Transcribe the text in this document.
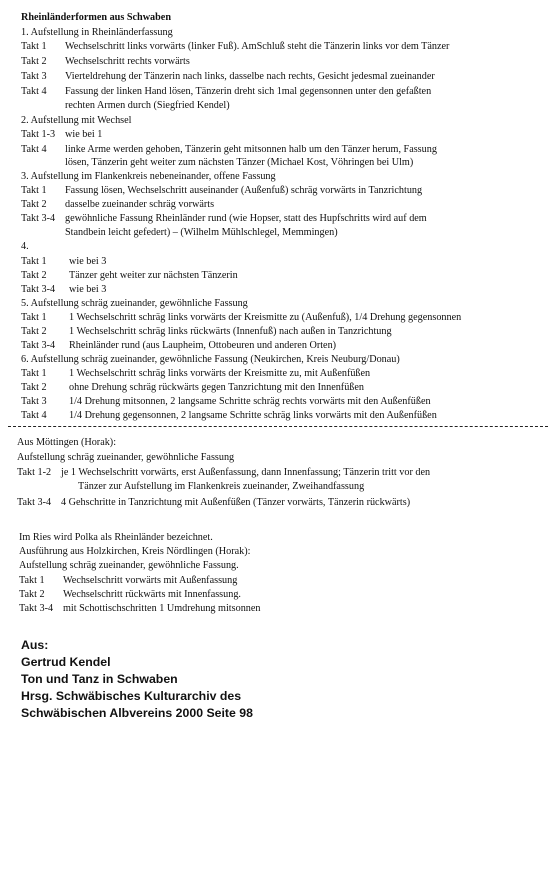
Rheinländerformen aus Schwaben
1. Aufstellung in Rheinländerfassung
Takt 1 Wechselschritt links vorwärts (linker Fuß). AmSchluß steht die Tänzerin links vor dem Tänzer
Takt 2 Wechselschritt rechts vorwärts
Takt 3 Vierteldrehung der Tänzerin nach links, dasselbe nach rechts, Gesicht jedesmal zueinander
Takt 4 Fassung der linken Hand lösen, Tänzerin dreht sich 1mal gegensonnen unter den gefaßten
rechten Armen durch (Siegfried Kendel)
2. Aufstellung mit Wechsel
Takt 1-3 wie bei 1
Takt 4 linke Arme werden gehoben, Tänzerin geht mitsonnen halb um den Tänzer herum, Fassung
lösen, Tänzerin geht weiter zum nächsten Tänzer (Michael Kost, Vöhringen bei Ulm)
3. Aufstellung im Flankenkreis nebeneinander, offene Fassung
Takt 1 Fassung lösen, Wechselschritt auseinander (Außenfuß) schräg vorwärts in Tanzrichtung
Takt 2 dasselbe zueinander schräg vorwärts
Takt 3-4 gewöhnliche Fassung Rheinländer rund (wie Hopser, statt des Hupfschritts wird auf dem
Standbein leicht gefedert) – (Wilhelm Mühlschlegel, Memmingen)
4.
Takt 1 wie bei 3
Takt 2 Tänzer geht weiter zur nächsten Tänzerin
Takt 3-4 wie bei 3
5. Aufstellung schräg zueinander, gewöhnliche Fassung
Takt 1 1 Wechselschritt schräg links vorwärts der Kreismitte zu (Außenfuß), 1/4 Drehung gegensonnen
Takt 2 1 Wechselschritt schräg links rückwärts (Innenfuß) nach außen in Tanzrichtung
Takt 3-4 Rheinländer rund (aus Laupheim, Ottobeuren und anderen Orten)
6. Aufstellung schräg zueinander, gewöhnliche Fassung (Neukirchen, Kreis Neuburg/Donau)
Takt 1 1 Wechselschritt schräg links vorwärts der Kreismitte zu, mit Außenfüßen
Takt 2 ohne Drehung schräg rückwärts gegen Tanzrichtung mit den Innenfüßen
Takt 3 1/4 Drehung mitsonnen, 2 langsame Schritte schräg rechts vorwärts mit den Außenfüßen
Takt 4 1/4 Drehung gegensonnen, 2 langsame Schritte schräg links vorwärts mit den Außenfüßen
Aus Möttingen (Horak):
Aufstellung schräg zueinander, gewöhnliche Fassung
Takt 1-2 je 1 Wechselschritt vorwärts, erst Außenfassung, dann Innenfassung; Tänzerin tritt vor den
Tänzer zur Aufstellung im Flankenkreis zueinander, Zweihandfassung
Takt 3-4 4 Gehschritte in Tanzrichtung mit Außenfüßen (Tänzer vorwärts, Tänzerin rückwärts)
Im Ries wird Polka als Rheinländer bezeichnet.
Ausführung aus Holzkirchen, Kreis Nördlingen (Horak):
Aufstellung schräg zueinander, gewöhnliche Fassung.
Takt 1 Wechselschritt vorwärts mit Außenfassung
Takt 2 Wechselschritt rückwärts mit Innenfassung.
Takt 3-4 mit Schottischschritten 1 Umdrehung mitsonnen
Aus:
Gertrud Kendel
Ton und Tanz in Schwaben
Hrsg. Schwäbisches Kulturarchiv des
Schwäbischen Albvereins 2000 Seite 98
